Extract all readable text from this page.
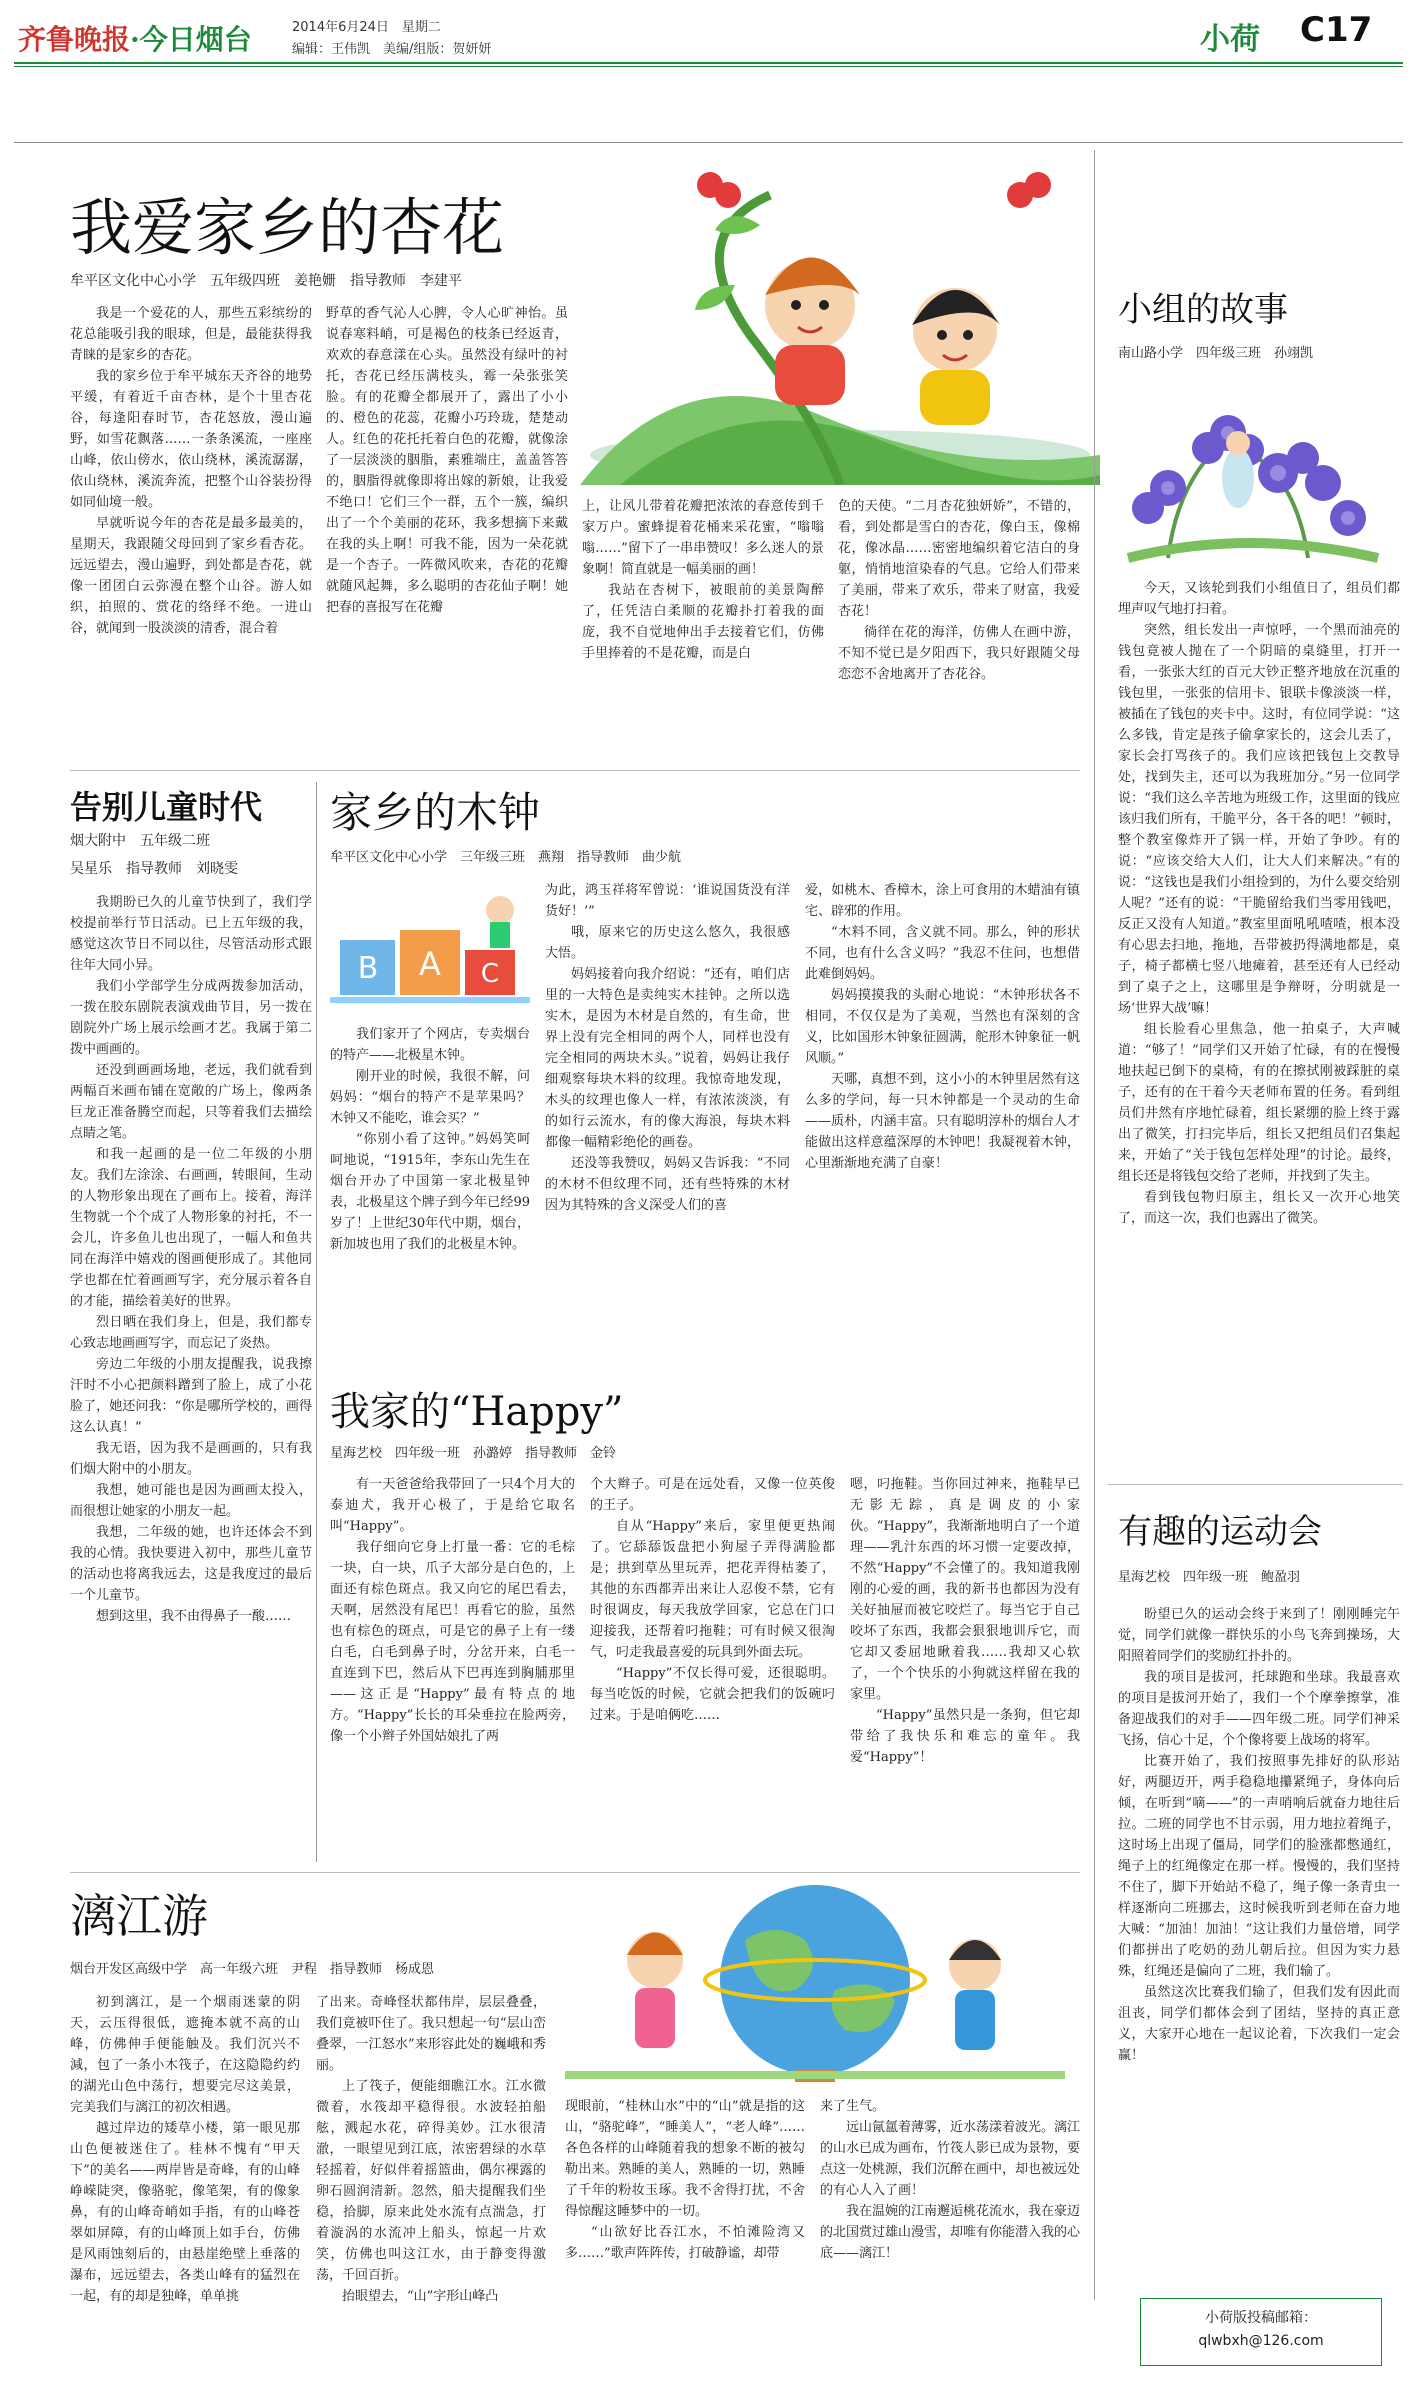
齐鲁晚报·今日烟台	2014年6月24日　星期二
编辑：王伟凯　美编/组版：贺妍妍	小荷 C17
我爱家乡的杏花
牟平区文化中心小学　五年级四班　姜艳姗　指导教师　李建平

我是一个爱花的人，那些五彩缤纷的花总能吸引我的眼球，但是，最能获得我青睐的是家乡的杏花。

我的家乡位于牟平城东天齐谷的地势平缓，有着近千亩杏林，是个十里杏花谷，每逢阳春时节，杏花怒放，漫山遍野，如雪花飘落……一条条溪流，一座座山峰，依山傍水，依山绕林，溪流潺潺，依山绕林，溪流奔流，把整个山谷装扮得如同仙境一般。

早就听说今年的杏花是最多最美的，星期天，我跟随父母回到了家乡看杏花。远远望去，漫山遍野，到处都是杏花，就像一团团白云弥漫在整个山谷。游人如织，拍照的、赏花的络绎不绝。一进山谷，就闻到一股淡淡的清香，混合着

野草的香气沁人心脾，令人心旷神怡。虽说春寒料峭，可是褐色的枝条已经返青，欢欢的春意漾在心头。虽然没有绿叶的衬托，杏花已经压满枝头，霉一朵张张笑脸。有的花瓣全都展开了，露出了小小的、橙色的花蕊，花瓣小巧玲珑，楚楚动人。红色的花托托着白色的花瓣，就像涂了一层淡淡的胭脂，素雅端庄，盖盖答答的，胭脂得就像即将出嫁的新娘，让我爱不绝口！它们三个一群，五个一簇，编织出了一个个美丽的花环，我多想摘下来戴在我的头上啊！可我不能，因为一朵花就是一个杏子。一阵微风吹来，杏花的花瓣就随风起舞，多么聪明的杏花仙子啊！她把春的喜报写在花瓣

上，让风儿带着花瓣把浓浓的春意传到千家万户。蜜蜂提着花桶来采花蜜，“嗡嗡嗡……”留下了一串串赞叹！多么迷人的景象啊！简直就是一幅美丽的画！

我站在杏树下，被眼前的美景陶醉了，任凭洁白柔顺的花瓣扑打着我的面庞，我不自觉地伸出手去接着它们，仿佛手里捧着的不是花瓣，而是白

色的天使。“二月杏花独妍娇”，不错的，看，到处都是雪白的杏花，像白玉，像棉花，像冰晶……密密地编织着它洁白的身躯，悄悄地渲染春的气息。它给人们带来了美丽，带来了欢乐，带来了财富，我爱杏花！

徜徉在花的海洋，仿佛人在画中游，不知不觉已是夕阳西下，我只好跟随父母恋恋不舍地离开了杏花谷。

小组的故事
南山路小学　四年级三班　孙翊凯

今天，又该轮到我们小组值日了，组员们都埋声叹气地打扫着。

突然，组长发出一声惊呼，一个黑而油亮的钱包竟被人抛在了一个阴暗的桌缝里，打开一看，一张张大红的百元大钞正整齐地放在沉重的钱包里，一张张的信用卡、银联卡像淡淡一样，被插在了钱包的夹卡中。这时，有位同学说：“这么多钱，肯定是孩子偷拿家长的，这会儿丢了，家长会打骂孩子的。我们应该把钱包上交教导处，找到失主，还可以为我班加分。”另一位同学说：“我们这么辛苦地为班级工作，这里面的钱应该归我们所有，干脆平分，各干各的吧！”顿时，整个教室像炸开了锅一样，开始了争吵。有的说：“应该交给大人们，让大人们来解决。”有的说：“这钱也是我们小组捡到的，为什么要交给别人呢？”还有的说：“干脆留给我们当零用钱吧，反正又没有人知道。”教室里面吼吼喳喳，根本没有心思去扫地，拖地，吾带被扔得满地都是，桌子，椅子都横七竖八地瘫着，甚至还有人已经动到了桌子之上，这哪里是争辩呀，分明就是一场‘世界大战’嘛！

组长脸看心里焦急，他一拍桌子，大声喊道：“够了！”同学们又开始了忙碌，有的在慢慢地扶起已倒下的桌椅，有的在擦拭刚被踩脏的桌子，还有的在干着今天老师布置的任务。看到组员们井然有序地忙碌着，组长紧绷的脸上终于露出了微笑，打扫完毕后，组长又把组员们召集起来，开始了“关于钱包怎样处理”的讨论。最终，组长还是将钱包交给了老师，并找到了失主。

看到钱包物归原主，组长又一次开心地笑了，而这一次，我们也露出了微笑。

有趣的运动会
星海艺校　四年级一班　鲍盈羽

盼望已久的运动会终于来到了！刚刚睡完午觉，同学们就像一群快乐的小鸟飞奔到操场，大阳照着同学们的奖励红扑扑的。

我的项目是拔河，托球跑和坐球。我最喜欢的项目是拔河开始了，我们一个个摩拳擦掌，准备迎战我们的对手——四年级二班。同学们神采飞扬，信心十足，个个像将要上战场的将军。

比赛开始了，我们按照事先排好的队形站好，两腿迈开，两手稳稳地攥紧绳子，身体向后倾，在听到“嘀——”的一声哨响后就奋力地往后拉。二班的同学也不甘示弱，用力地拉着绳子，这时场上出现了僵局，同学们的脸涨都憋通红，绳子上的红绳像定在那一样。慢慢的，我们坚持不住了，脚下开始站不稳了，绳子像一条青虫一样逐渐向二班挪去，这时候我听到老师在奋力地大喊：“加油！加油！”这让我们力量倍增，同学们都拼出了吃奶的劲儿朝后拉。但因为实力悬殊，红绳还是偏向了二班，我们输了。

虽然这次比赛我们输了，但我们发有因此而沮丧，同学们都体会到了团结，坚持的真正意义，大家开心地在一起议论着，下次我们一定会赢！

小荷版投稿邮箱：
qlwbxh@126.com
告别儿童时代
烟大附中　五年级二班
吴星乐　指导教师　刘晓雯

我期盼已久的儿童节快到了，我们学校提前举行节日活动。已上五年级的我，感觉这次节日不同以往，尽管活动形式跟往年大同小异。

我们小学部学生分成两拨参加活动，一拨在胶东剧院表演戏曲节目，另一拨在剧院外广场上展示绘画才艺。我属于第二拨中画画的。

还没到画画场地，老远，我们就看到两幅百米画布铺在宽敞的广场上，像两条巨龙正准备腾空而起，只等着我们去描绘点睛之笔。

和我一起画的是一位二年级的小朋友。我们左涂涂、右画画，转眼间，生动的人物形象出现在了画布上。接着，海洋生物就一个个成了人物形象的衬托，不一会儿，许多鱼儿也出现了，一幅人和鱼共同在海洋中嬉戏的图画便形成了。其他同学也都在忙着画画写字，充分展示着各自的才能，描绘着美好的世界。

烈日晒在我们身上，但是，我们都专心致志地画画写字，而忘记了炎热。

旁边二年级的小朋友提醒我，说我擦汗时不小心把颜料蹭到了脸上，成了小花脸了，她还问我：“你是哪所学校的，画得这么认真！”

我无语，因为我不是画画的，只有我们烟大附中的小朋友。

我想，她可能也是因为画画太投入，而很想让她家的小朋友一起。

我想，二年级的她，也许还体会不到我的心情。我快要进入初中，那些儿童节的活动也将离我远去，这是我度过的最后一个儿童节。

想到这里，我不由得鼻子一酸……

家乡的木钟
牟平区文化中心小学　三年级三班　燕翔　指导教师　曲少航
B A C

我们家开了个网店，专卖烟台的特产——北极星木钟。

刚开业的时候，我很不解，问妈妈：“烟台的特产不是苹果吗？木钟又不能吃，谁会买？”

“你别小看了这钟。”妈妈笑呵呵地说，“1915年，李东山先生在烟台开办了中国第一家北极星钟表，北极星这个牌子到今年已经99岁了！上世纪30年代中期，烟台，新加坡也用了我们的北极星木钟。

为此，鸿玉祥将军曾说：‘谁说国货没有洋货好！’”

哦，原来它的历史这么悠久，我很感大悟。

妈妈接着向我介绍说：“还有，咱们店里的一大特色是卖纯实木挂钟。之所以选实木，是因为木材是自然的，有生命，世界上没有完全相同的两个人，同样也没有完全相同的两块木头。”说着，妈妈让我仔细观察每块木料的纹理。我惊奇地发现，木头的纹理也像人一样，有浓浓淡淡，有的如行云流水，有的像大海浪，每块木料都像一幅精彩绝伦的画卷。

还没等我赞叹，妈妈又告诉我：“不同的木材不但纹理不同，还有些特殊的木材因为其特殊的含义深受人们的喜

爱，如桃木、香樟木，涂上可食用的木蜡油有镇宅、辟邪的作用。

“木料不同，含义就不同。那么，钟的形状不同，也有什么含义吗？”我忍不住问，也想借此难倒妈妈。

妈妈摸摸我的头耐心地说：“木钟形状各不相同，不仅仅是为了美观，当然也有深刻的含义，比如国形木钟象征圆满，舵形木钟象征一帆风顺。”

天哪，真想不到，这小小的木钟里居然有这么多的学问，每一只木钟都是一个灵动的生命——质朴，内涵丰富。只有聪明淳朴的烟台人才能做出这样意蕴深厚的木钟吧！我凝视着木钟，心里渐渐地充满了自豪！

我家的“Happy”
星海艺校　四年级一班　孙潞婷　指导教师　金铃

有一天爸爸给我带回了一只4个月大的泰迪犬，我开心极了，于是给它取名叫“Happy”。

我仔细向它身上打量一番：它的毛棕一块，白一块，爪子大部分是白色的，上面还有棕色斑点。我又向它的尾巴看去，天啊，居然没有尾巴！再看它的脸，虽然也有棕色的斑点，可是它的鼻子上有一缕白毛，白毛到鼻子时，分岔开来，白毛一直连到下巴，然后从下巴再连到胸脯那里——这正是“Happy”最有特点的地方。“Happy”长长的耳朵垂拉在脸两旁，像一个小辫子外国姑娘扎了两

个大辫子。可是在远处看，又像一位英俊的王子。

自从“Happy”来后，家里便更热闹了。它舔舔饭盘把小狗屋子弄得满脸都是；拱到草丛里玩弄，把花弄得枯萎了，其他的东西都弄出来让人忍俊不禁，它有时很调皮，每天我放学回家，它总在门口迎接我，还帮着叼拖鞋；可有时候又很淘气，叼走我最喜爱的玩具到外面去玩。

“Happy”不仅长得可爱，还很聪明。每当吃饭的时候，它就会把我们的饭碗叼过来。于是咱俩吃……

嗯，叼拖鞋。当你回过神来，拖鞋早已无影无踪，真是调皮的小家伙。“Happy”，我渐渐地明白了一个道理——乳汁东西的坏习惯一定要改掉，不然“Happy”不会懂了的。我知道我刚刚的心爱的画，我的新书也都因为没有关好抽屉而被它咬烂了。每当它于自己咬坏了东西，我都会狠狠地训斥它，而它却又委屈地瞅着我……我却又心软了，一个个快乐的小狗就这样留在我的家里。

“Happy”虽然只是一条狗，但它却带给了我快乐和难忘的童年。我爱“Happy”！

漓江游
烟台开发区高级中学　高一年级六班　尹程　指导教师　杨成恩

初到漓江，是一个烟雨迷蒙的阴天，云压得很低，遮掩本就不高的山峰，仿佛伸手便能触及。我们沉兴不減，包了一条小木筏子，在这隐隐约约的湖光山色中荡行，想要完尽这美景，完美我们与漓江的初次相遇。

越过岸边的矮草小楼，第一眼见那山色便被迷住了。桂林不愧有“甲天下”的美名——两岸皆是奇峰，有的山峰峥嵘陡突，像骆驼，像笔架，有的像象鼻，有的山峰奇峭如手指，有的山峰苍翠如屏障，有的山峰顶上如手台，仿佛是风雨蚀刻后的，由悬崖绝壁上垂落的瀑布，远远望去，各类山峰有的猛烈在一起，有的却是独峰，单单挑

了出来。奇峰怪状都伟岸，层层叠叠，我们竟被吓住了。我只想起一句“层山峦叠翠，一江怒水”来形容此处的巍峨和秀丽。

上了筏子，便能细瞧江水。江水微微着，水筏却平稳得很。水波轻拍船舷，溅起水花，碎得美妙。江水很清澈，一眼望见到江底，浓密碧绿的水草轻摇着，好似伴着摇篮曲，偶尔裸露的卵石圆润清新。忽然，船夫提醒我们坐稳，拾脚，原来此处水流有点湍急，打着漩涡的水流冲上船头，惊起一片欢笑，仿佛也叫这江水，由于静变得激荡，千回百折。

抬眼望去，“山”字形山峰凸

现眼前，“桂林山水”中的“山”就是指的这山，“骆驼峰”，“睡美人”，“老人峰”……各色各样的山峰随着我的想象不断的被勾勒出来。熟睡的美人，熟睡的一切，熟睡了千年的粉妆玉琢。我不舍得打扰，不舍得惊醒这睡梦中的一切。

“山欲好比吞江水，不怕滩险湾又多……”歌声阵阵传，打破静谧，却带

来了生气。

远山氤氲着薄雾，近水荡漾着波光。漓江的山水已成为画布，竹筏人影已成为景物，要点这一处桃源，我们沉醉在画中，却也被远处的有心人入了画！

我在温婉的江南邂逅桃花流水，我在豪迈的北国赏过雄山漫雪，却唯有你能潜入我的心底——漓江！
